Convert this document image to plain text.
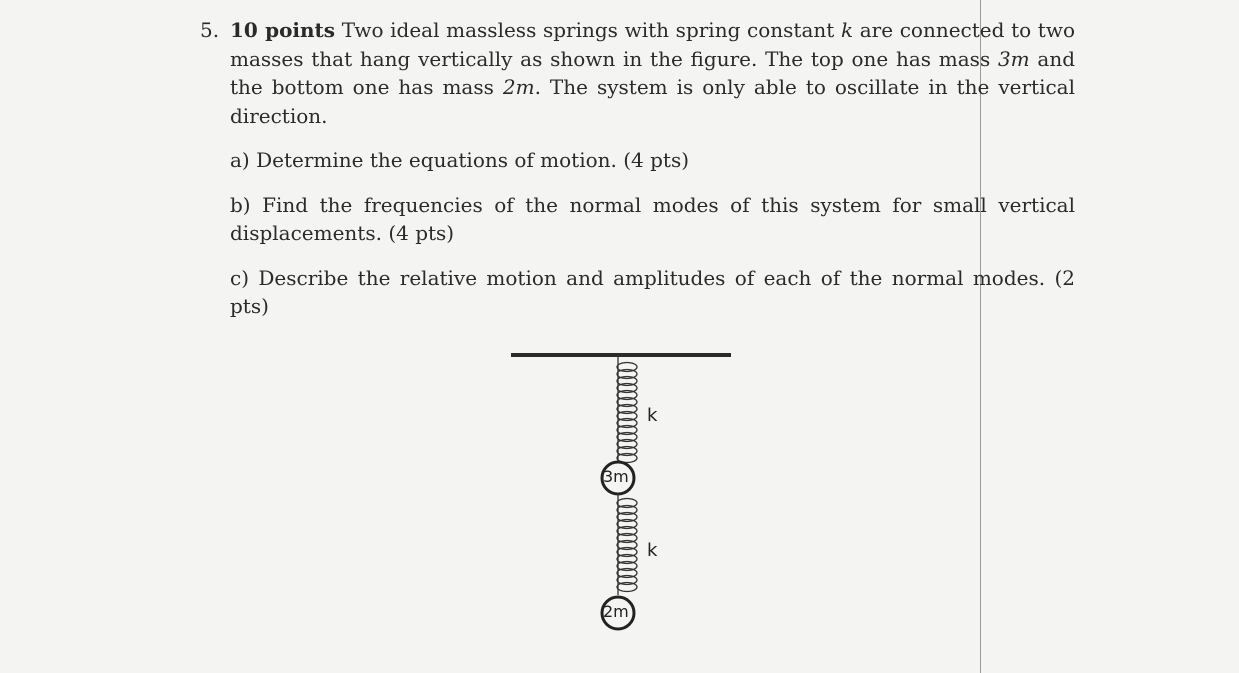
5. 10 points Two ideal massless springs with spring constant k are connected to two masses that hang vertically as shown in the figure. The top one has mass 3m and the bottom one has mass 2m. The system is only able to oscillate in the vertical direction.
a) Determine the equations of motion. (4 pts)
b) Find the frequencies of the normal modes of this system for small vertical displacements. (4 pts)
c) Describe the relative motion and amplitudes of each of the normal modes. (2 pts)
k
k
3m
2m
